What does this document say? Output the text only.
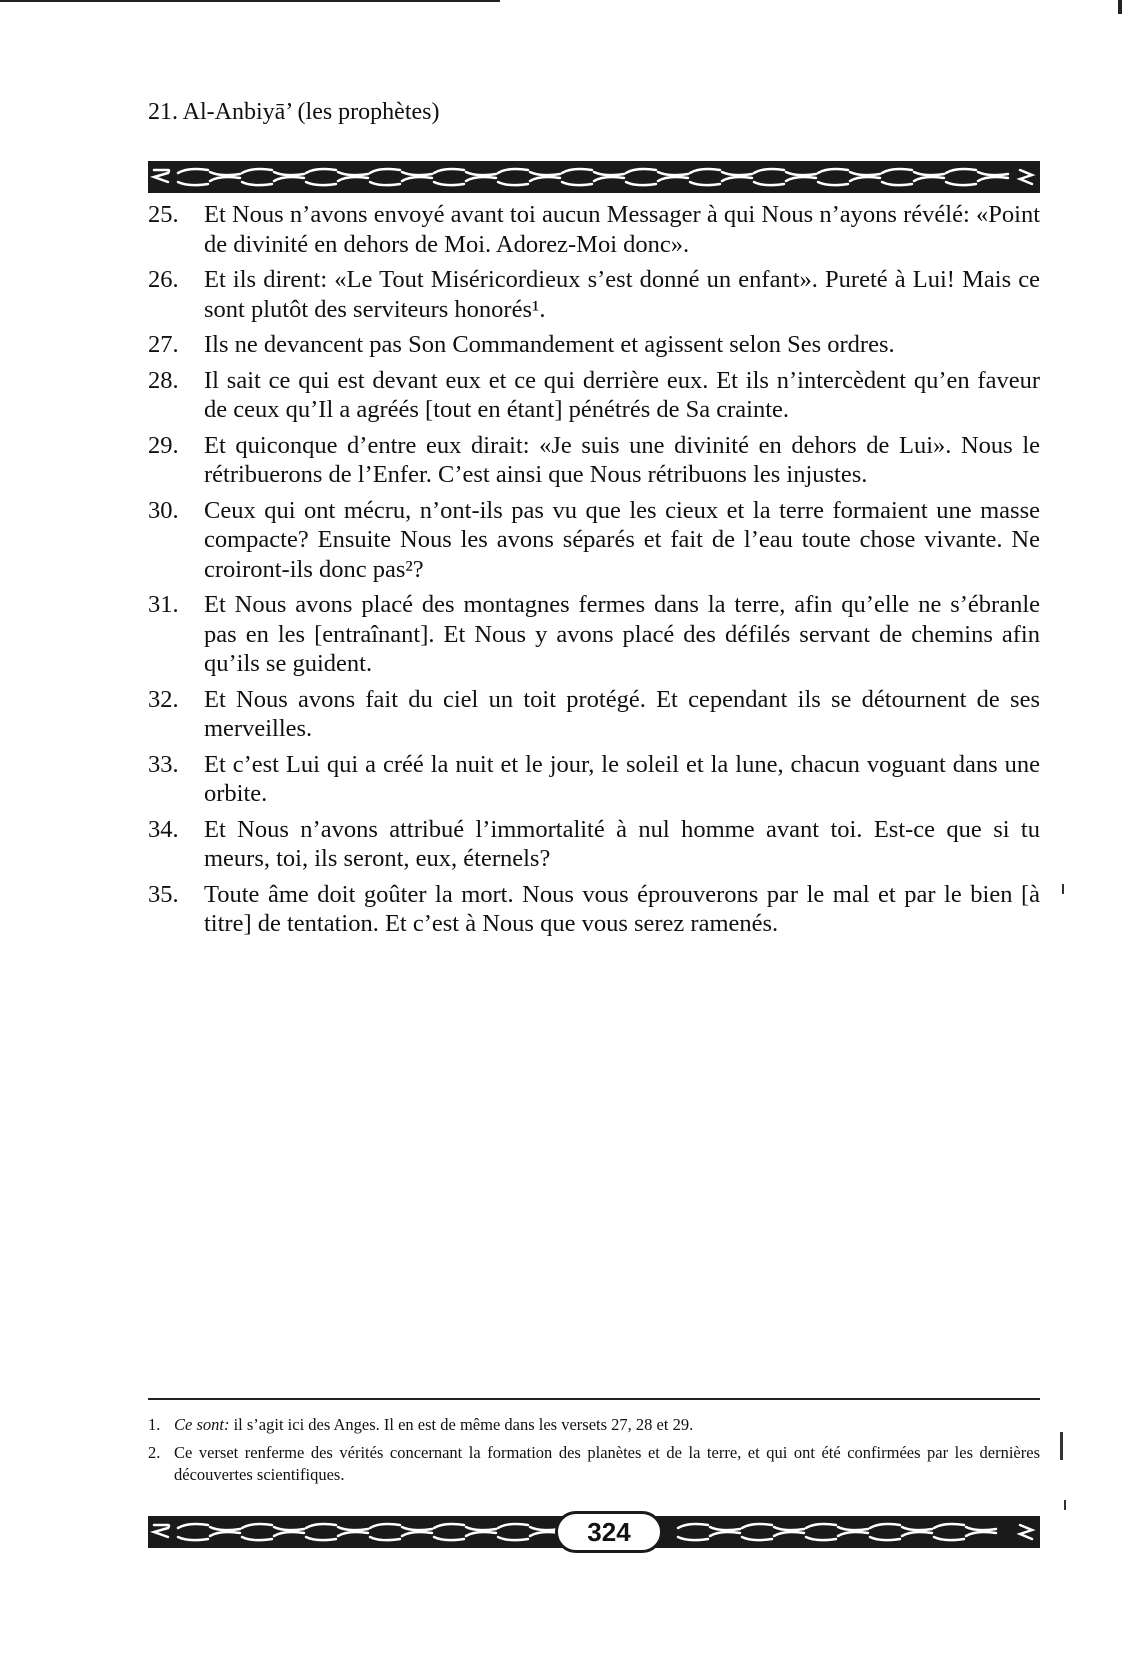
21. Al-Anbiyā’ (les prophètes)
25.	Et Nous n’avons envoyé avant toi aucun Messager à qui Nous n’ayons révélé: «Point de divinité en dehors de Moi. Adorez-Moi donc».
26.	Et ils dirent: «Le Tout Miséricordieux s’est donné un enfant». Pureté à Lui! Mais ce sont plutôt des serviteurs honorés¹.
27.	Ils ne devancent pas Son Commandement et agissent selon Ses ordres.
28.	Il sait ce qui est devant eux et ce qui derrière eux. Et ils n’intercèdent qu’en faveur de ceux qu’Il a agréés [tout en étant] pénétrés de Sa crainte.
29.	Et quiconque d’entre eux dirait: «Je suis une divinité en dehors de Lui». Nous le rétribuerons de l’Enfer. C’est ainsi que Nous rétribuons les injustes.
30.	Ceux qui ont mécru, n’ont-ils pas vu que les cieux et la terre formaient une masse compacte? Ensuite Nous les avons séparés et fait de l’eau toute chose vivante. Ne croiront-ils donc pas²?
31.	Et Nous avons placé des montagnes fermes dans la terre, afin qu’elle ne s’ébranle pas en les [entraînant]. Et Nous y avons placé des défilés servant de chemins afin qu’ils se guident.
32.	Et Nous avons fait du ciel un toit protégé. Et cependant ils se détournent de ses merveilles.
33.	Et c’est Lui qui a créé la nuit et le jour, le soleil et la lune, chacun voguant dans une orbite.
34.	Et Nous n’avons attribué l’immortalité à nul homme avant toi. Est-ce que si tu meurs, toi, ils seront, eux, éternels?
35.	Toute âme doit goûter la mort. Nous vous éprouverons par le mal et par le bien [à titre] de tentation. Et c’est à Nous que vous serez ramenés.
1. Ce sont: il s’agit ici des Anges. Il en est de même dans les versets 27, 28 et 29.
2. Ce verset renferme des vérités concernant la formation des planètes et de la terre, et qui ont été confirmées par les dernières découvertes scientifiques.
324
